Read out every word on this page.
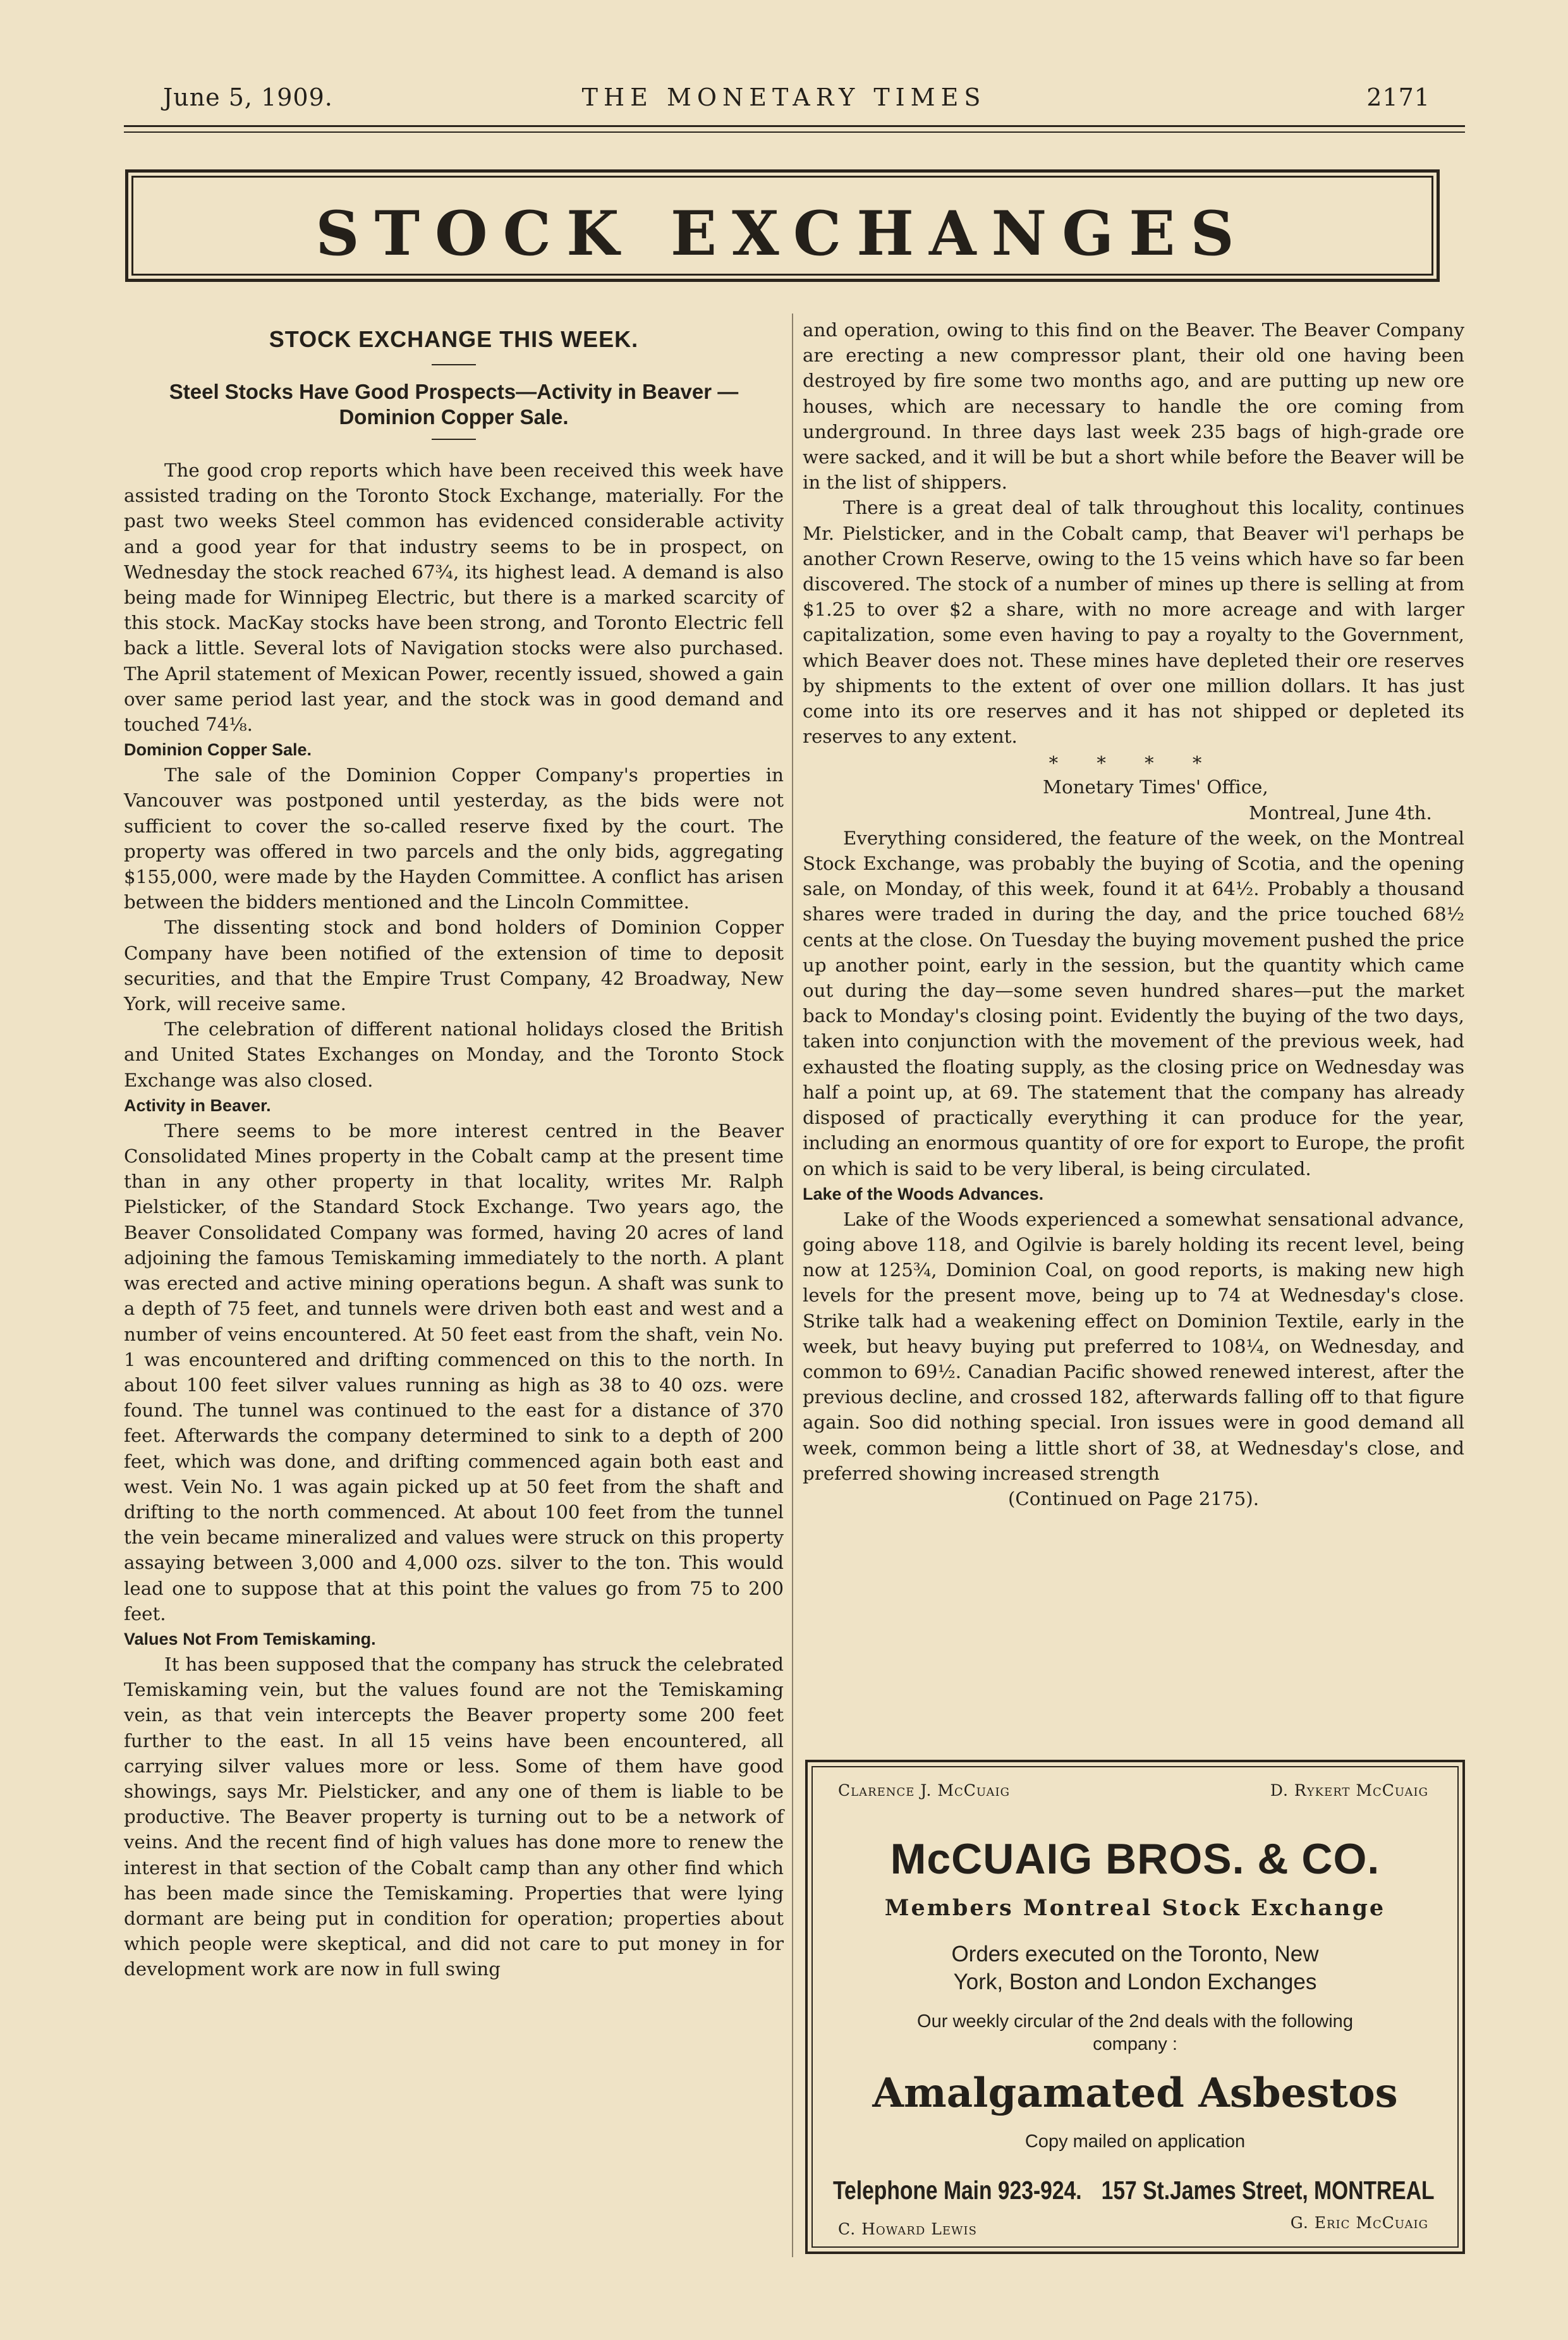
June 5, 1909.	THE MONETARY TIMES	2171
STOCK EXCHANGES
STOCK EXCHANGE THIS WEEK.
Steel Stocks Have Good Prospects—Activity in Beaver —Dominion Copper Sale.

The good crop reports which have been received this week have assisted trading on the Toronto Stock Exchange, materially. For the past two weeks Steel common has evidenced considerable activity and a good year for that industry seems to be in prospect, on Wednesday the stock reached 67¾, its highest lead. A demand is also being made for Winnipeg Electric, but there is a marked scarcity of this stock. MacKay stocks have been strong, and Toronto Electric fell back a little. Several lots of Navigation stocks were also purchased. The April statement of Mexican Power, recently issued, showed a gain over same period last year, and the stock was in good demand and touched 74⅛.

Dominion Copper Sale.

The sale of the Dominion Copper Company's properties in Vancouver was postponed until yesterday, as the bids were not sufficient to cover the so-called reserve fixed by the court. The property was offered in two parcels and the only bids, aggregating $155,000, were made by the Hayden Committee. A conflict has arisen between the bidders mentioned and the Lincoln Committee.

The dissenting stock and bond holders of Dominion Copper Company have been notified of the extension of time to deposit securities, and that the Empire Trust Company, 42 Broadway, New York, will receive same.

The celebration of different national holidays closed the British and United States Exchanges on Monday, and the Toronto Stock Exchange was also closed.

Activity in Beaver.

There seems to be more interest centred in the Beaver Consolidated Mines property in the Cobalt camp at the present time than in any other property in that locality, writes Mr. Ralph Pielsticker, of the Standard Stock Exchange. Two years ago, the Beaver Consolidated Company was formed, having 20 acres of land adjoining the famous Temiskaming immediately to the north. A plant was erected and active mining operations begun. A shaft was sunk to a depth of 75 feet, and tunnels were driven both east and west and a number of veins encountered. At 50 feet east from the shaft, vein No. 1 was encountered and drifting commenced on this to the north. In about 100 feet silver values running as high as 38 to 40 ozs. were found. The tunnel was continued to the east for a distance of 370 feet. Afterwards the company determined to sink to a depth of 200 feet, which was done, and drifting commenced again both east and west. Vein No. 1 was again picked up at 50 feet from the shaft and drifting to the north commenced. At about 100 feet from the tunnel the vein became mineralized and values were struck on this property assaying between 3,000 and 4,000 ozs. silver to the ton. This would lead one to suppose that at this point the values go from 75 to 200 feet.

Values Not From Temiskaming.

It has been supposed that the company has struck the celebrated Temiskaming vein, but the values found are not the Temiskaming vein, as that vein intercepts the Beaver property some 200 feet further to the east. In all 15 veins have been encountered, all carrying silver values more or less. Some of them have good showings, says Mr. Pielsticker, and any one of them is liable to be productive. The Beaver property is turning out to be a network of veins. And the recent find of high values has done more to renew the interest in that section of the Cobalt camp than any other find which has been made since the Temiskaming. Properties that were lying dormant are being put in condition for operation; properties about which people were skeptical, and did not care to put money in for development work are now in full swing

and operation, owing to this find on the Beaver. The Beaver Company are erecting a new compressor plant, their old one having been destroyed by fire some two months ago, and are putting up new ore houses, which are necessary to handle the ore coming from underground. In three days last week 235 bags of high-grade ore were sacked, and it will be but a short while before the Beaver will be in the list of shippers.

There is a great deal of talk throughout this locality, continues Mr. Pielsticker, and in the Cobalt camp, that Beaver wi'l perhaps be another Crown Reserve, owing to the 15 veins which have so far been discovered. The stock of a number of mines up there is selling at from $1.25 to over $2 a share, with no more acreage and with larger capitalization, some even having to pay a royalty to the Government, which Beaver does not. These mines have depleted their ore reserves by shipments to the extent of over one million dollars. It has just come into its ore reserves and it has not shipped or depleted its reserves to any extent.

* * * *

Monetary Times' Office,

Montreal, June 4th.

Everything considered, the feature of the week, on the Montreal Stock Exchange, was probably the buying of Scotia, and the opening sale, on Monday, of this week, found it at 64½. Probably a thousand shares were traded in during the day, and the price touched 68½ cents at the close. On Tuesday the buying movement pushed the price up another point, early in the session, but the quantity which came out during the day—some seven hundred shares—put the market back to Monday's closing point. Evidently the buying of the two days, taken into conjunction with the movement of the previous week, had exhausted the floating supply, as the closing price on Wednesday was half a point up, at 69. The statement that the company has already disposed of practically everything it can produce for the year, including an enormous quantity of ore for export to Europe, the profit on which is said to be very liberal, is being circulated.

Lake of the Woods Advances.

Lake of the Woods experienced a somewhat sensational advance, going above 118, and Ogilvie is barely holding its recent level, being now at 125¾, Dominion Coal, on good reports, is making new high levels for the present move, being up to 74 at Wednesday's close. Strike talk had a weakening effect on Dominion Textile, early in the week, but heavy buying put preferred to 108¼, on Wednesday, and common to 69½. Canadian Pacific showed renewed interest, after the previous decline, and crossed 182, afterwards falling off to that figure again. Soo did nothing special. Iron issues were in good demand all week, common being a little short of 38, at Wednesday's close, and preferred showing increased strength

(Continued on Page 2175).

Clarence J. McCuaig	D. Rykert McCuaig
McCUAIG BROS. & CO.
Members Montreal Stock Exchange
Orders executed on the Toronto, New
York, Boston and London Exchanges
Our weekly circular of the 2nd deals with the following
company :
Amalgamated Asbestos
Copy mailed on application
Telephone Main 923-924. 157 St.James Street, MONTREAL
C. Howard Lewis	G. Eric McCuaig
